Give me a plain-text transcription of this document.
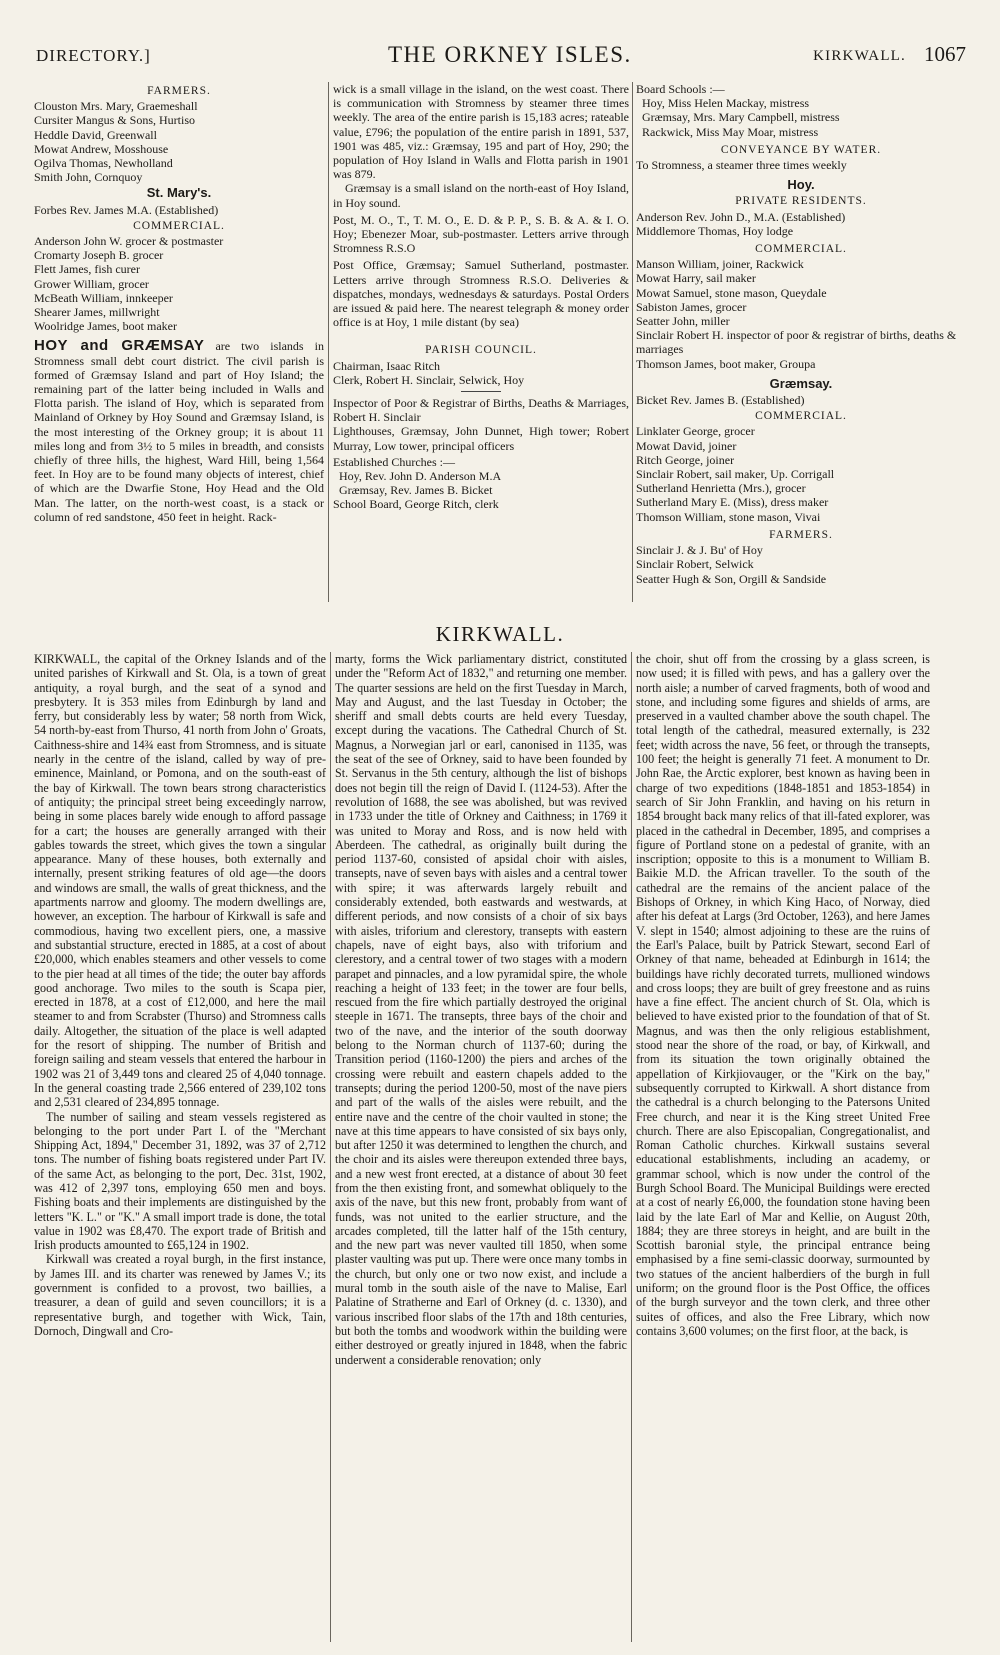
DIRECTORY.]	THE ORKNEY ISLES.	KIRKWALL. 1067
FARMERS.
Clouston Mrs. Mary, Graemeshall
Cursiter Mangus & Sons, Hurtiso
Heddle David, Greenwall
Mowat Andrew, Mosshouse
Ogilva Thomas, Newholland
Smith John, Cornquoy
St. Mary's.
Forbes Rev. James M.A. (Established)
COMMERCIAL.
Anderson John W. grocer & postmaster
Cromarty Joseph B. grocer
Flett James, fish curer
Grower William, grocer
McBeath William, innkeeper
Shearer James, millwright
Woolridge James, boot maker

HOY and GRÆMSAY are two islands in Stromness small debt court district. The civil parish is formed of Græmsay Island and part of Hoy Island; the remaining part of the latter being included in Walls and Flotta parish. The island of Hoy, which is separated from Mainland of Orkney by Hoy Sound and Græmsay Island, is the most interesting of the Orkney group; it is about 11 miles long and from 3½ to 5 miles in breadth, and consists chiefly of three hills, the highest, Ward Hill, being 1,564 feet. In Hoy are to be found many objects of interest, chief of which are the Dwarfie Stone, Hoy Head and the Old Man. The latter, on the north-west coast, is a stack or column of red sandstone, 450 feet in height. Rack-

wick is a small village in the island, on the west coast. There is communication with Stromness by steamer three times weekly. The area of the entire parish is 15,183 acres; rateable value, £796; the population of the entire parish in 1891, 537, 1901 was 485, viz.: Græmsay, 195 and part of Hoy, 290; the population of Hoy Island in Walls and Flotta parish in 1901 was 879.

Græmsay is a small island on the north-east of Hoy Island, in Hoy sound.

Post, M. O., T., T. M. O., E. D. & P. P., S. B. & A. & I. O. Hoy; Ebenezer Moar, sub-postmaster. Letters arrive through Stromness R.S.O

Post Office, Græmsay; Samuel Sutherland, postmaster. Letters arrive through Stromness R.S.O. Deliveries & dispatches, mondays, wednesdays & saturdays. Postal Orders are issued & paid here. The nearest telegraph & money order office is at Hoy, 1 mile distant (by sea)

PARISH COUNCIL.
Chairman, Isaac Ritch
Clerk, Robert H. Sinclair, Selwick, Hoy

Inspector of Poor & Registrar of Births, Deaths & Marriages, Robert H. Sinclair

Lighthouses, Græmsay, John Dunnet, High tower; Robert Murray, Low tower, principal officers

Established Churches :—
Hoy, Rev. John D. Anderson M.A
Græmsay, Rev. James B. Bicket
School Board, George Ritch, clerk
Board Schools :—
Hoy, Miss Helen Mackay, mistress
Græmsay, Mrs. Mary Campbell, mistress
Rackwick, Miss May Moar, mistress
CONVEYANCE BY WATER.
To Stromness, a steamer three times weekly
Hoy.
PRIVATE RESIDENTS.
Anderson Rev. John D., M.A. (Established)
Middlemore Thomas, Hoy lodge
COMMERCIAL.
Manson William, joiner, Rackwick
Mowat Harry, sail maker
Mowat Samuel, stone mason, Queydale
Sabiston James, grocer
Seatter John, miller

Sinclair Robert H. inspector of poor & registrar of births, deaths & marriages

Thomson James, boot maker, Groupa
Græmsay.
Bicket Rev. James B. (Established)
COMMERCIAL.
Linklater George, grocer
Mowat David, joiner
Ritch George, joiner
Sinclair Robert, sail maker, Up. Corrigall
Sutherland Henrietta (Mrs.), grocer
Sutherland Mary E. (Miss), dress maker
Thomson William, stone mason, Vivai
FARMERS.
Sinclair J. & J. Bu' of Hoy
Sinclair Robert, Selwick
Seatter Hugh & Son, Orgill & Sandside
KIRKWALL.

KIRKWALL, the capital of the Orkney Islands and of the united parishes of Kirkwall and St. Ola, is a town of great antiquity, a royal burgh, and the seat of a synod and presbytery. It is 353 miles from Edinburgh by land and ferry, but considerably less by water; 58 north from Wick, 54 north-by-east from Thurso, 41 north from John o' Groats, Caithness-shire and 14¾ east from Stromness, and is situate nearly in the centre of the island, called by way of pre-eminence, Mainland, or Pomona, and on the south-east of the bay of Kirkwall. The town bears strong characteristics of antiquity; the principal street being exceedingly narrow, being in some places barely wide enough to afford passage for a cart; the houses are generally arranged with their gables towards the street, which gives the town a singular appearance. Many of these houses, both externally and internally, present striking features of old age—the doors and windows are small, the walls of great thickness, and the apartments narrow and gloomy. The modern dwellings are, however, an exception. The harbour of Kirkwall is safe and commodious, having two excellent piers, one, a massive and substantial structure, erected in 1885, at a cost of about £20,000, which enables steamers and other vessels to come to the pier head at all times of the tide; the outer bay affords good anchorage. Two miles to the south is Scapa pier, erected in 1878, at a cost of £12,000, and here the mail steamer to and from Scrabster (Thurso) and Stromness calls daily. Altogether, the situation of the place is well adapted for the resort of shipping. The number of British and foreign sailing and steam vessels that entered the harbour in 1902 was 21 of 3,449 tons and cleared 25 of 4,040 tonnage. In the general coasting trade 2,566 entered of 239,102 tons and 2,531 cleared of 234,895 tonnage.

The number of sailing and steam vessels registered as belonging to the port under Part I. of the "Merchant Shipping Act, 1894," December 31, 1892, was 37 of 2,712 tons. The number of fishing boats registered under Part IV. of the same Act, as belonging to the port, Dec. 31st, 1902, was 412 of 2,397 tons, employing 650 men and boys. Fishing boats and their implements are distinguished by the letters "K. L." or "K." A small import trade is done, the total value in 1902 was £8,470. The export trade of British and Irish products amounted to £65,124 in 1902.

Kirkwall was created a royal burgh, in the first instance, by James III. and its charter was renewed by James V.; its government is confided to a provost, two baillies, a treasurer, a dean of guild and seven councillors; it is a representative burgh, and together with Wick, Tain, Dornoch, Dingwall and Cro-

marty, forms the Wick parliamentary district, constituted under the "Reform Act of 1832," and returning one member. The quarter sessions are held on the first Tuesday in March, May and August, and the last Tuesday in October; the sheriff and small debts courts are held every Tuesday, except during the vacations. The Cathedral Church of St. Magnus, a Norwegian jarl or earl, canonised in 1135, was the seat of the see of Orkney, said to have been founded by St. Servanus in the 5th century, although the list of bishops does not begin till the reign of David I. (1124-53). After the revolution of 1688, the see was abolished, but was revived in 1733 under the title of Orkney and Caithness; in 1769 it was united to Moray and Ross, and is now held with Aberdeen. The cathedral, as originally built during the period 1137-60, consisted of apsidal choir with aisles, transepts, nave of seven bays with aisles and a central tower with spire; it was afterwards largely rebuilt and considerably extended, both eastwards and westwards, at different periods, and now consists of a choir of six bays with aisles, triforium and clerestory, transepts with eastern chapels, nave of eight bays, also with triforium and clerestory, and a central tower of two stages with a modern parapet and pinnacles, and a low pyramidal spire, the whole reaching a height of 133 feet; in the tower are four bells, rescued from the fire which partially destroyed the original steeple in 1671. The transepts, three bays of the choir and two of the nave, and the interior of the south doorway belong to the Norman church of 1137-60; during the Transition period (1160-1200) the piers and arches of the crossing were rebuilt and eastern chapels added to the transepts; during the period 1200-50, most of the nave piers and part of the walls of the aisles were rebuilt, and the entire nave and the centre of the choir vaulted in stone; the nave at this time appears to have consisted of six bays only, but after 1250 it was determined to lengthen the church, and the choir and its aisles were thereupon extended three bays, and a new west front erected, at a distance of about 30 feet from the then existing front, and somewhat obliquely to the axis of the nave, but this new front, probably from want of funds, was not united to the earlier structure, and the arcades completed, till the latter half of the 15th century, and the new part was never vaulted till 1850, when some plaster vaulting was put up. There were once many tombs in the church, but only one or two now exist, and include a mural tomb in the south aisle of the nave to Malise, Earl Palatine of Stratherne and Earl of Orkney (d. c. 1330), and various inscribed floor slabs of the 17th and 18th centuries, but both the tombs and woodwork within the building were either destroyed or greatly injured in 1848, when the fabric underwent a considerable renovation; only

the choir, shut off from the crossing by a glass screen, is now used; it is filled with pews, and has a gallery over the north aisle; a number of carved fragments, both of wood and stone, and including some figures and shields of arms, are preserved in a vaulted chamber above the south chapel. The total length of the cathedral, measured externally, is 232 feet; width across the nave, 56 feet, or through the transepts, 100 feet; the height is generally 71 feet. A monument to Dr. John Rae, the Arctic explorer, best known as having been in charge of two expeditions (1848-1851 and 1853-1854) in search of Sir John Franklin, and having on his return in 1854 brought back many relics of that ill-fated explorer, was placed in the cathedral in December, 1895, and comprises a figure of Portland stone on a pedestal of granite, with an inscription; opposite to this is a monument to William B. Baikie M.D. the African traveller. To the south of the cathedral are the remains of the ancient palace of the Bishops of Orkney, in which King Haco, of Norway, died after his defeat at Largs (3rd October, 1263), and here James V. slept in 1540; almost adjoining to these are the ruins of the Earl's Palace, built by Patrick Stewart, second Earl of Orkney of that name, beheaded at Edinburgh in 1614; the buildings have richly decorated turrets, mullioned windows and cross loops; they are built of grey freestone and as ruins have a fine effect. The ancient church of St. Ola, which is believed to have existed prior to the foundation of that of St. Magnus, and was then the only religious establishment, stood near the shore of the road, or bay, of Kirkwall, and from its situation the town originally obtained the appellation of Kirkjiovauger, or the "Kirk on the bay," subsequently corrupted to Kirkwall. A short distance from the cathedral is a church belonging to the Patersons United Free church, and near it is the King street United Free church. There are also Episcopalian, Congregationalist, and Roman Catholic churches. Kirkwall sustains several educational establishments, including an academy, or grammar school, which is now under the control of the Burgh School Board. The Municipal Buildings were erected at a cost of nearly £6,000, the foundation stone having been laid by the late Earl of Mar and Kellie, on August 20th, 1884; they are three storeys in height, and are built in the Scottish baronial style, the principal entrance being emphasised by a fine semi-classic doorway, surmounted by two statues of the ancient halberdiers of the burgh in full uniform; on the ground floor is the Post Office, the offices of the burgh surveyor and the town clerk, and three other suites of offices, and also the Free Library, which now contains 3,600 volumes; on the first floor, at the back, is
